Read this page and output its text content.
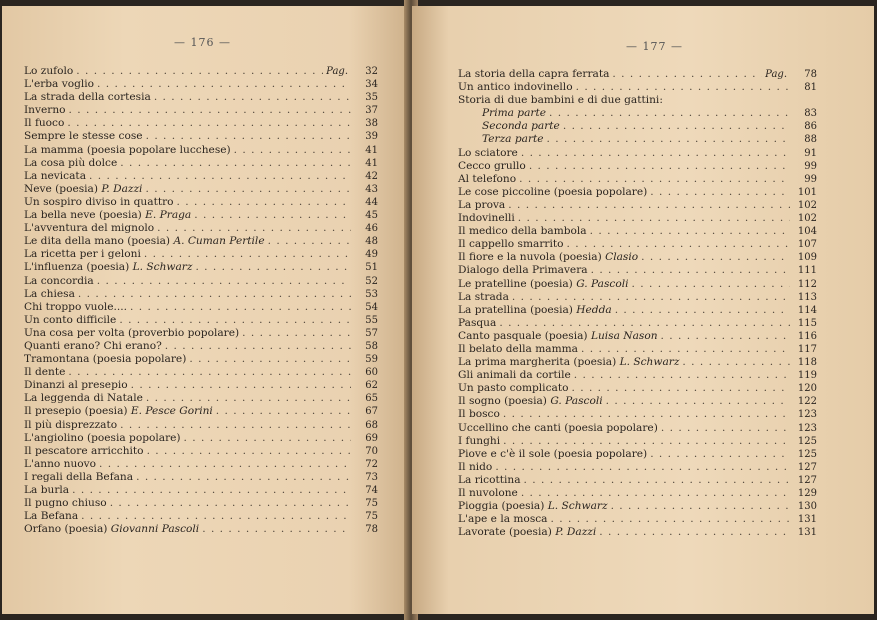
— 176 —
Lo zufolo . . .	Pag.	32
L'erba voglio . . .	34
La strada della cortesia . . .	35
Inverno . . .	37
Il fuoco . . .	38
Sempre le stesse cose . . .	39
La mamma (poesia popolare lucchese) . . .	41
La cosa più dolce . . .	41
La nevicata . . .	42
Neve (poesia) P. Dazzi . . .	43
Un sospiro diviso in quattro . . .	44
La bella neve (poesia) E. Praga . . .	45
L'avventura del mignolo . . .	46
Le dita della mano (poesia) A. Cuman Pertile . . .	48
La ricetta per i geloni . . .	49
L'influenza (poesia) L. Schwarz . . .	51
La concordia . . .	52
La chiesa . . .	53
Chi troppo vuole.... . . .	54
Un conto difficile . . .	55
Una cosa per volta (proverbio popolare) . . .	57
Quanti erano? Chi erano? . . .	58
Tramontana (poesia popolare) . . .	59
Il dente . . .	60
Dinanzi al presepio . . .	62
La leggenda di Natale . . .	65
Il presepio (poesia) E. Pesce Gorini . . .	67
Il più disprezzato . . .	68
L'angiolino (poesia popolare) . . .	69
Il pescatore arricchito . . .	70
L'anno nuovo . . .	72
I regali della Befana . . .	73
La burla . . .	74
Il pugno chiuso . . .	75
La Befana . . .	75
Orfano (poesia) Giovanni Pascoli . . .	78
— 177 —
La storia della capra ferrata . . .	Pag.	78
Un antico indovinello . . .	81
Storia di due bambini e di due gattini:
Prima parte . . .	83
Seconda parte . . .	86
Terza parte . . .	88
Lo sciatore . . .	91
Cecco grullo . . .	99
Al telefono . . .	99
Le cose piccoline (poesia popolare) . . .	101
La prova . . .	102
Indovinelli . . .	102
Il medico della bambola . . .	104
Il cappello smarrito . . .	107
Il fiore e la nuvola (poesia) Clasio . . .	109
Dialogo della Primavera . . .	111
Le pratelline (poesia) G. Pascoli . . .	112
La strada . . .	113
La pratellina (poesia) Hedda . . .	114
Pasqua . . .	115
Canto pasquale (poesia) Luisa Nason . . .	116
Il belato della mamma . . .	117
La prima margherita (poesia) L. Schwarz . . .	118
Gli animali da cortile . . .	119
Un pasto complicato . . .	120
Il sogno (poesia) G. Pascoli . . .	122
Il bosco . . .	123
Uccellino che canti (poesia popolare) . . .	123
I funghi . . .	125
Piove e c'è il sole (poesia popolare) . . .	125
Il nido . . .	127
La ricottina . . .	127
Il nuvolone . . .	129
Pioggia (poesia) L. Schwarz . . .	130
L'ape e la mosca . . .	131
Lavorate (poesia) P. Dazzi . . .	131
